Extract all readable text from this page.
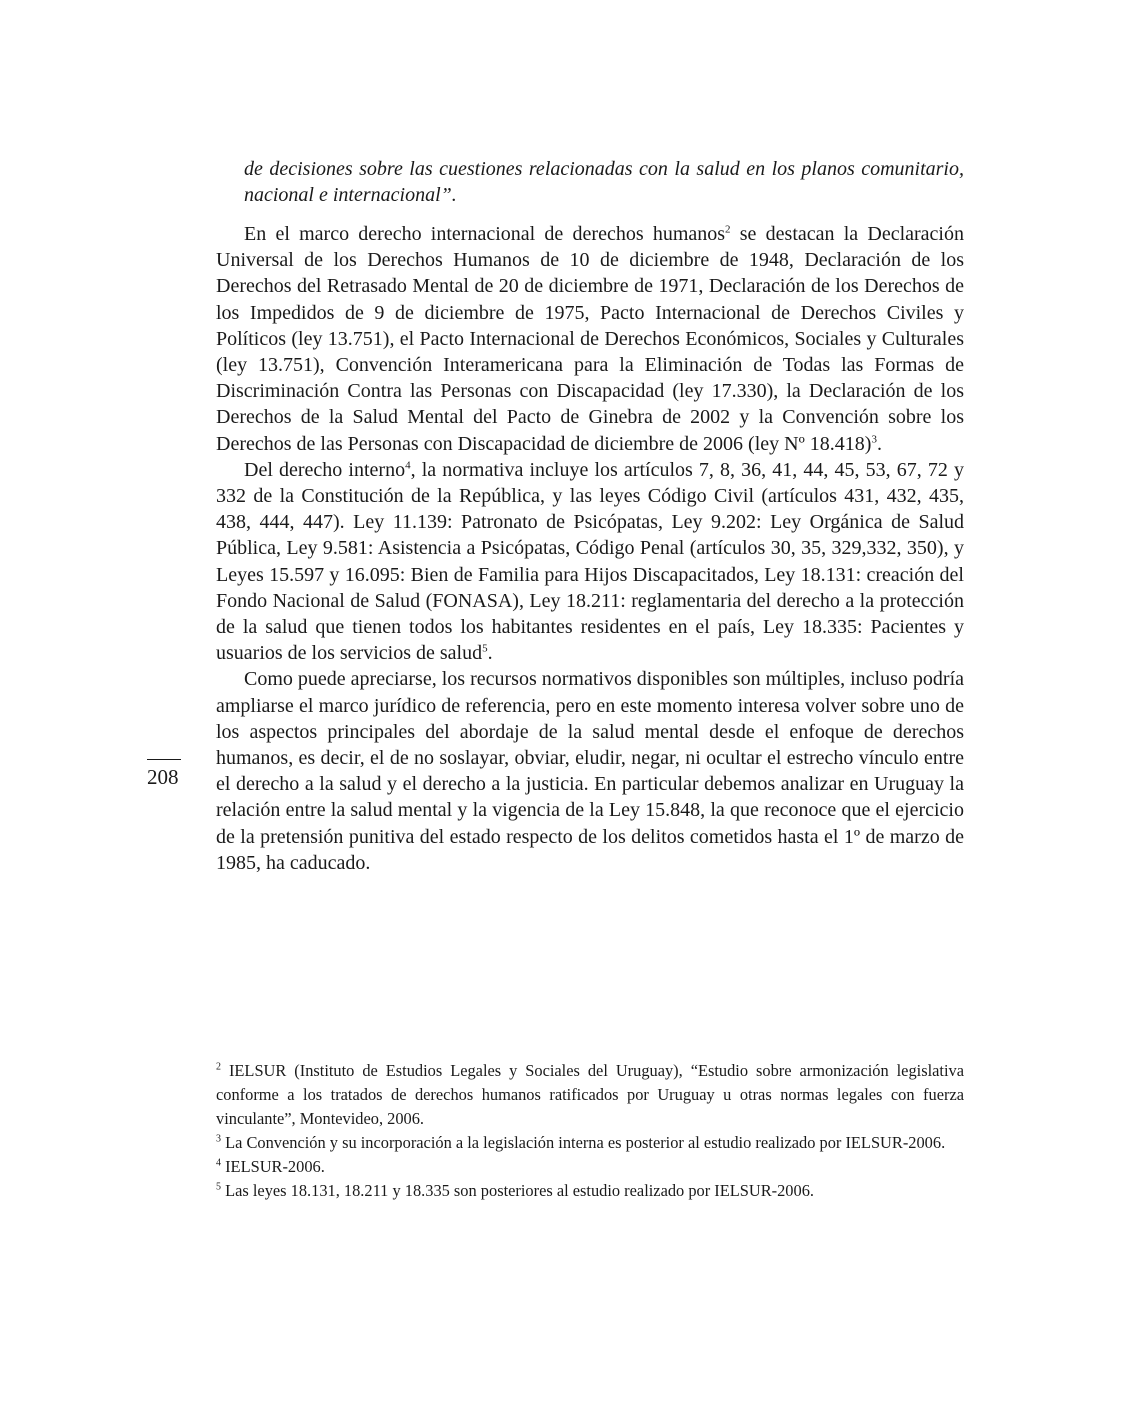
208

de decisiones sobre las cuestiones relacionadas con la salud en los planos comunitario, nacional e internacional”.

En el marco derecho internacional de derechos humanos$^2$ se destacan la Declaración Universal de los Derechos Humanos de 10 de diciembre de 1948, Declaración de los Derechos del Retrasado Mental de 20 de diciembre de 1971, Declaración de los Derechos de los Impedidos de 9 de diciembre de 1975, Pacto Internacional de Derechos Civiles y Políticos (ley 13.751), el Pacto Internacional de Derechos Económicos, Sociales y Culturales (ley 13.751), Convención Interamericana para la Eliminación de Todas las Formas de Discriminación Contra las Personas con Discapacidad (ley 17.330), la Declaración de los Derechos de la Salud Mental del Pacto de Ginebra de 2002 y la Convención sobre los Derechos de las Personas con Discapacidad de diciembre de 2006 (ley Nº 18.418)$^3$.

Del derecho interno$^4$, la normativa incluye los artículos 7, 8, 36, 41, 44, 45, 53, 67, 72 y 332 de la Constitución de la República, y las leyes Código Civil (artículos 431, 432, 435, 438, 444, 447). Ley 11.139: Patronato de Psicópatas, Ley 9.202: Ley Orgánica de Salud Pública, Ley 9.581: Asistencia a Psicópatas, Código Penal (artículos 30, 35, 329,332, 350), y Leyes 15.597 y 16.095: Bien de Familia para Hijos Discapacitados, Ley 18.131: creación del Fondo Nacional de Salud (FONASA), Ley 18.211: reglamentaria del derecho a la protección de la salud que tienen todos los habitantes residentes en el país, Ley 18.335: Pacientes y usuarios de los servicios de salud$^5$.

Como puede apreciarse, los recursos normativos disponibles son múltiples, incluso podría ampliarse el marco jurídico de referencia, pero en este momento interesa volver sobre uno de los aspectos principales del abordaje de la salud mental desde el enfoque de derechos humanos, es decir, el de no soslayar, obviar, eludir, negar, ni ocultar el estrecho vínculo entre el derecho a la salud y el derecho a la justicia. En particular debemos analizar en Uruguay la relación entre la salud mental y la vigencia de la Ley 15.848, la que reconoce que el ejercicio de la pretensión punitiva del estado respecto de los delitos cometidos hasta el 1º de marzo de 1985, ha caducado.

$^2$ IELSUR (Instituto de Estudios Legales y Sociales del Uruguay), “Estudio sobre armonización legislativa conforme a los tratados de derechos humanos ratificados por Uruguay u otras normas legales con fuerza vinculante”, Montevideo, 2006.

$^3$ La Convención y su incorporación a la legislación interna es posterior al estudio realizado por IELSUR-2006.

$^4$ IELSUR-2006.

$^5$ Las leyes 18.131, 18.211 y 18.335 son posteriores al estudio realizado por IELSUR-2006.
